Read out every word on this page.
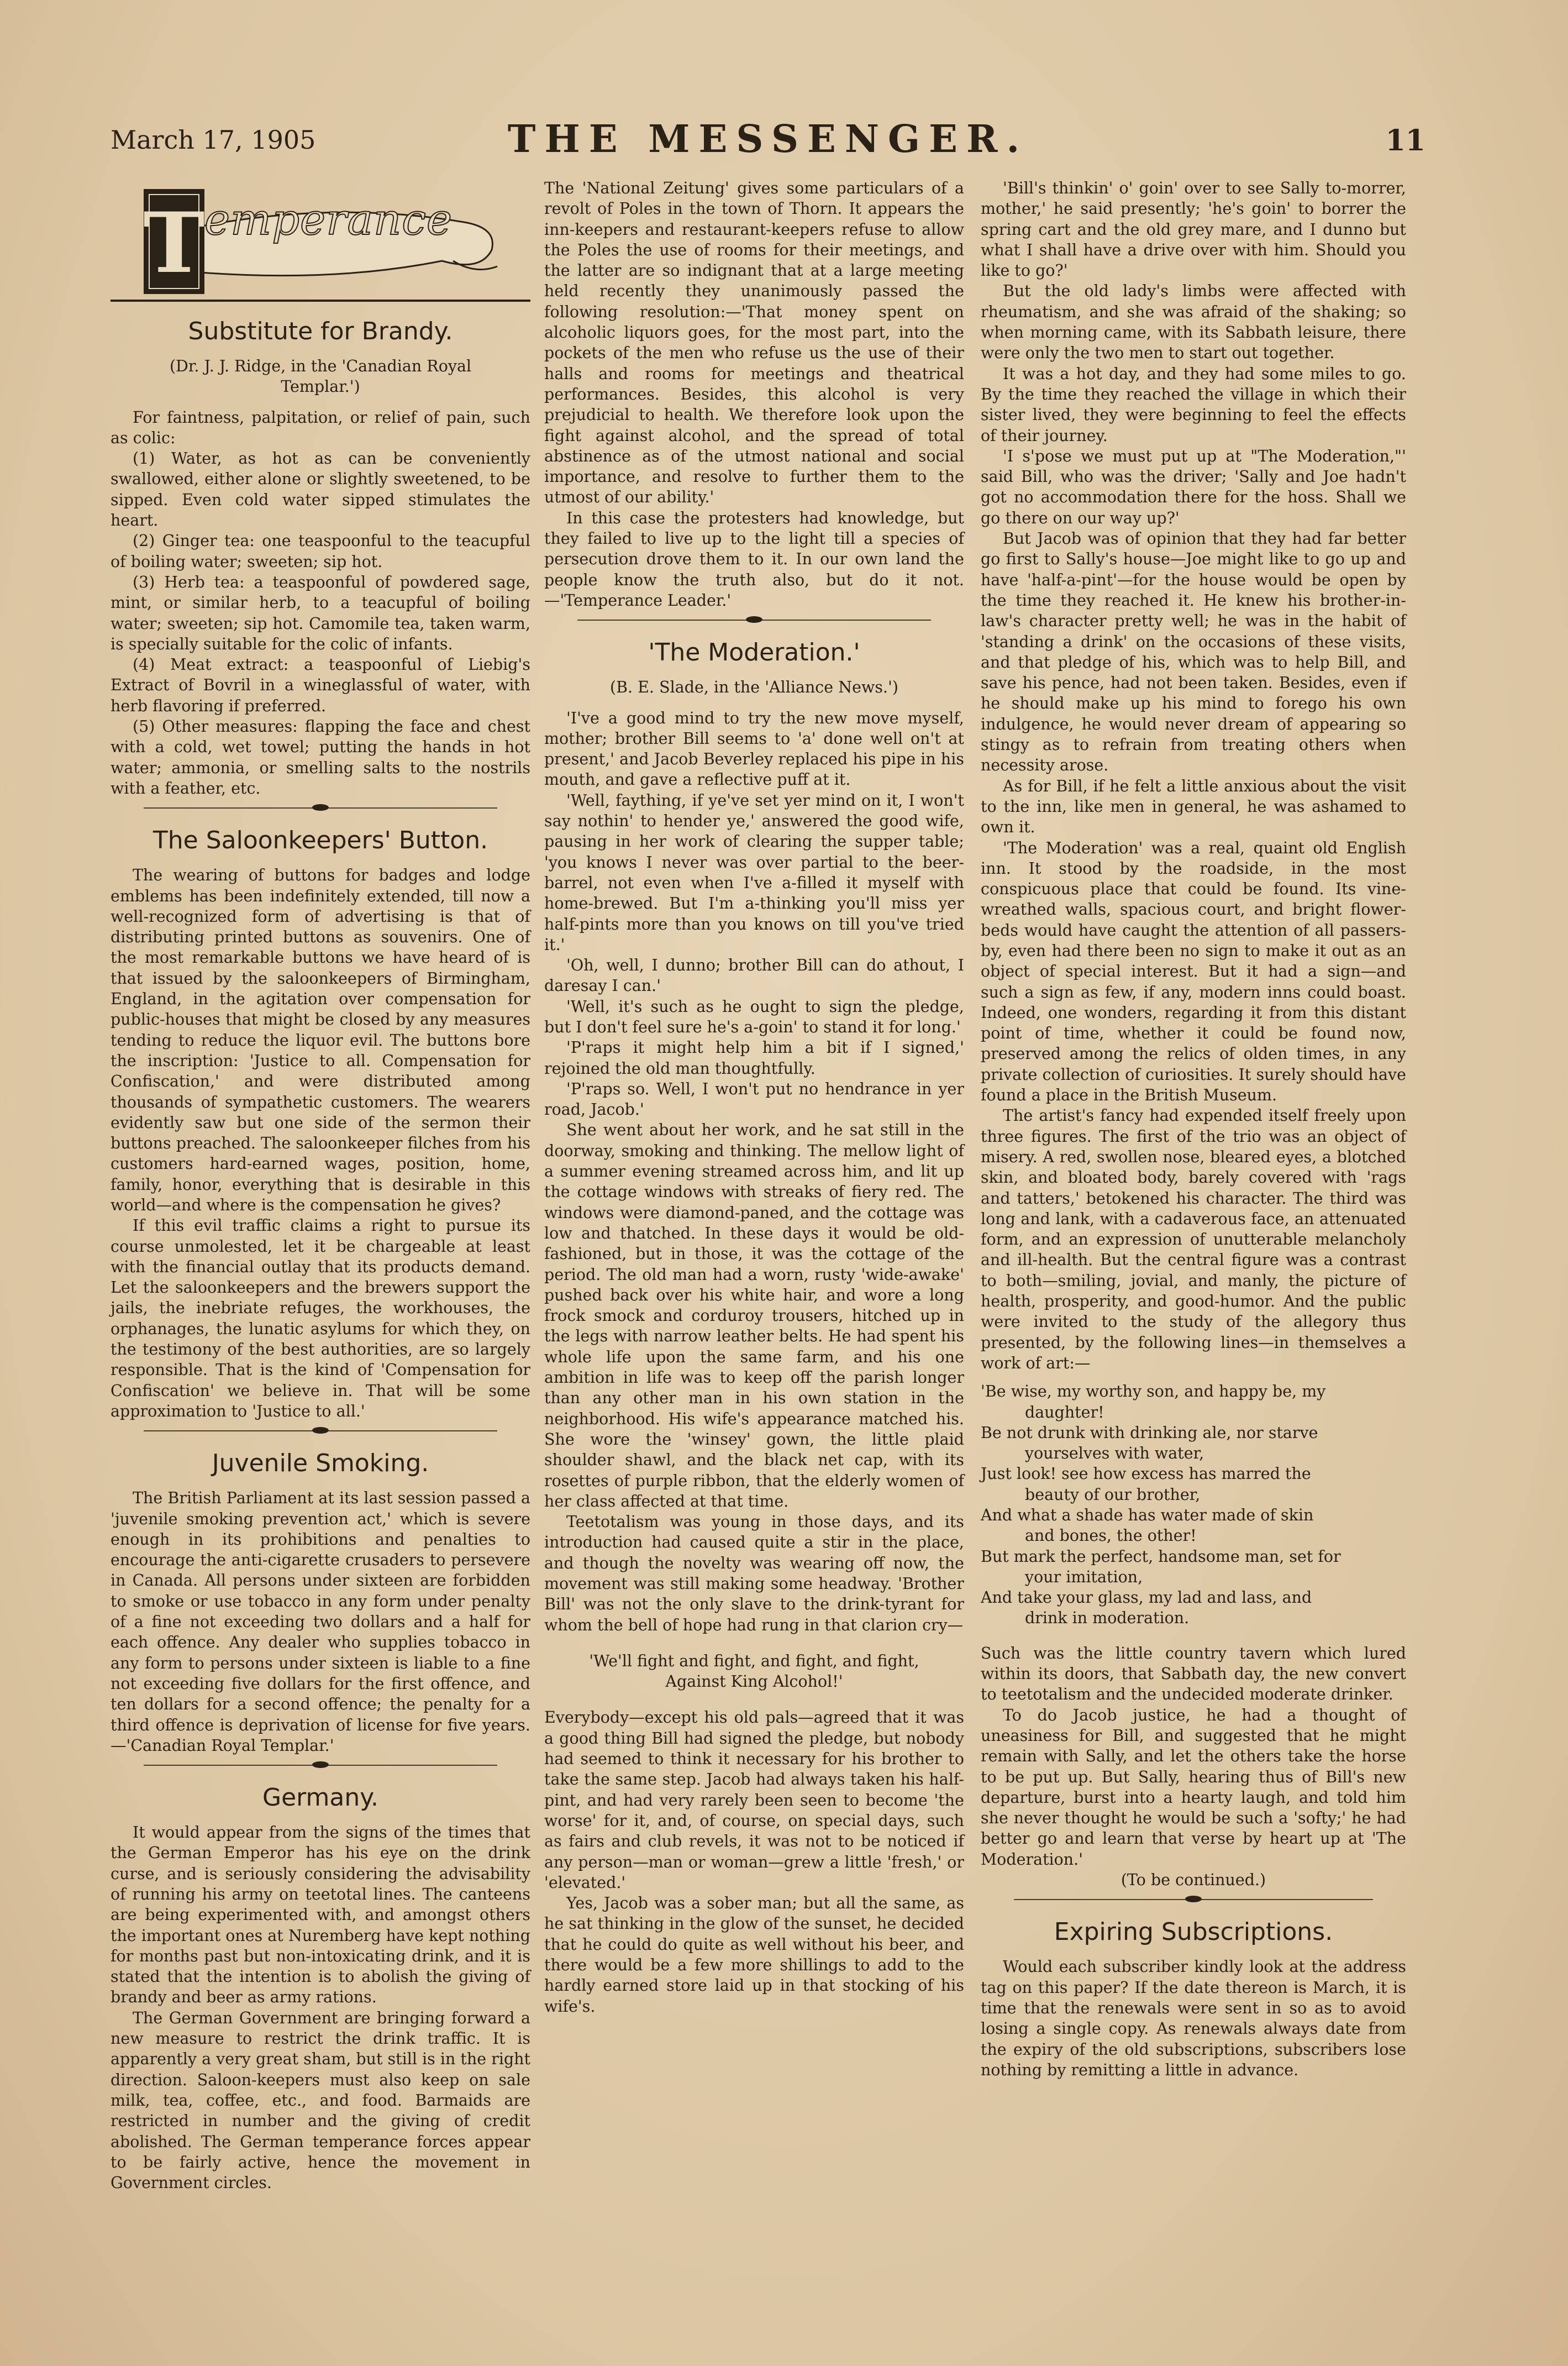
March 17, 1905	THE MESSENGER.	11
T emperance
Substitute for Brandy.

(Dr. J. J. Ridge, in the 'Canadian Royal

Templar.')

For faintness, palpitation, or relief of pain, such as colic:

(1) Water, as hot as can be conveniently swallowed, either alone or slightly sweetened, to be sipped. Even cold water sipped stimulates the heart.

(2) Ginger tea: one teaspoonful to the teacupful of boiling water; sweeten; sip hot.

(3) Herb tea: a teaspoonful of powdered sage, mint, or similar herb, to a teacupful of boiling water; sweeten; sip hot. Camomile tea, taken warm, is specially suitable for the colic of infants.

(4) Meat extract: a teaspoonful of Liebig's Extract of Bovril in a wineglassful of water, with herb flavoring if preferred.

(5) Other measures: flapping the face and chest with a cold, wet towel; putting the hands in hot water; ammonia, or smelling salts to the nostrils with a feather, etc.

The Saloonkeepers' Button.

The wearing of buttons for badges and lodge emblems has been indefinitely extended, till now a well-recognized form of advertising is that of distributing printed buttons as souvenirs. One of the most remarkable buttons we have heard of is that issued by the saloonkeepers of Birmingham, England, in the agitation over compensation for public-houses that might be closed by any measures tending to reduce the liquor evil. The buttons bore the inscription: 'Justice to all. Compensation for Confiscation,' and were distributed among thousands of sympathetic customers. The wearers evidently saw but one side of the sermon their buttons preached. The saloonkeeper filches from his customers hard-earned wages, position, home, family, honor, everything that is desirable in this world—and where is the compensation he gives?

If this evil traffic claims a right to pursue its course unmolested, let it be chargeable at least with the financial outlay that its products demand. Let the saloonkeepers and the brewers support the jails, the inebriate refuges, the workhouses, the orphanages, the lunatic asylums for which they, on the testimony of the best authorities, are so largely responsible. That is the kind of 'Compensation for Confiscation' we believe in. That will be some approximation to 'Justice to all.'

Juvenile Smoking.

The British Parliament at its last session passed a 'juvenile smoking prevention act,' which is severe enough in its prohibitions and penalties to encourage the anti-cigarette crusaders to persevere in Canada. All persons under sixteen are forbidden to smoke or use tobacco in any form under penalty of a fine not exceeding two dollars and a half for each offence. Any dealer who supplies tobacco in any form to persons under sixteen is liable to a fine not exceeding five dollars for the first offence, and ten dollars for a second offence; the penalty for a third offence is deprivation of license for five years.—'Canadian Royal Templar.'

Germany.

It would appear from the signs of the times that the German Emperor has his eye on the drink curse, and is seriously considering the advisability of running his army on teetotal lines. The canteens are being experimented with, and amongst others the important ones at Nuremberg have kept nothing for months past but non-intoxicating drink, and it is stated that the intention is to abolish the giving of brandy and beer as army rations.

The German Government are bringing forward a new measure to restrict the drink traffic. It is apparently a very great sham, but still is in the right direction. Saloon-keepers must also keep on sale milk, tea, coffee, etc., and food. Barmaids are restricted in number and the giving of credit abolished. The German temperance forces appear to be fairly active, hence the movement in Government circles.

The 'National Zeitung' gives some particulars of a revolt of Poles in the town of Thorn. It appears the inn-keepers and restaurant-keepers refuse to allow the Poles the use of rooms for their meetings, and the latter are so indignant that at a large meeting held recently they unanimously passed the following resolution:—'That money spent on alcoholic liquors goes, for the most part, into the pockets of the men who refuse us the use of their halls and rooms for meetings and theatrical performances. Besides, this alcohol is very prejudicial to health. We therefore look upon the fight against alcohol, and the spread of total abstinence as of the utmost national and social importance, and resolve to further them to the utmost of our ability.'

In this case the protesters had knowledge, but they failed to live up to the light till a species of persecution drove them to it. In our own land the people know the truth also, but do it not.—'Temperance Leader.'

'The Moderation.'

(B. E. Slade, in the 'Alliance News.')

'I've a good mind to try the new move myself, mother; brother Bill seems to 'a' done well on't at present,' and Jacob Beverley replaced his pipe in his mouth, and gave a reflective puff at it.

'Well, faything, if ye've set yer mind on it, I won't say nothin' to hender ye,' answered the good wife, pausing in her work of clearing the supper table; 'you knows I never was over partial to the beer-barrel, not even when I've a-filled it myself with home-brewed. But I'm a-thinking you'll miss yer half-pints more than you knows on till you've tried it.'

'Oh, well, I dunno; brother Bill can do athout, I daresay I can.'

'Well, it's such as he ought to sign the pledge, but I don't feel sure he's a-goin' to stand it for long.'

'P'raps it might help him a bit if I signed,' rejoined the old man thoughtfully.

'P'raps so. Well, I won't put no hendrance in yer road, Jacob.'

She went about her work, and he sat still in the doorway, smoking and thinking. The mellow light of a summer evening streamed across him, and lit up the cottage windows with streaks of fiery red. The windows were diamond-paned, and the cottage was low and thatched. In these days it would be old-fashioned, but in those, it was the cottage of the period. The old man had a worn, rusty 'wide-awake' pushed back over his white hair, and wore a long frock smock and corduroy trousers, hitched up in the legs with narrow leather belts. He had spent his whole life upon the same farm, and his one ambition in life was to keep off the parish longer than any other man in his own station in the neighborhood. His wife's appearance matched his. She wore the 'winsey' gown, the little plaid shoulder shawl, and the black net cap, with its rosettes of purple ribbon, that the elderly women of her class affected at that time.

Teetotalism was young in those days, and its introduction had caused quite a stir in the place, and though the novelty was wearing off now, the movement was still making some headway. 'Brother Bill' was not the only slave to the drink-tyrant for whom the bell of hope had rung in that clarion cry—

'We'll fight and fight, and fight, and fight,

Against King Alcohol!'

Everybody—except his old pals—agreed that it was a good thing Bill had signed the pledge, but nobody had seemed to think it necessary for his brother to take the same step. Jacob had always taken his half-pint, and had very rarely been seen to become 'the worse' for it, and, of course, on special days, such as fairs and club revels, it was not to be noticed if any person—man or woman—grew a little 'fresh,' or 'elevated.'

Yes, Jacob was a sober man; but all the same, as he sat thinking in the glow of the sunset, he decided that he could do quite as well without his beer, and there would be a few more shillings to add to the hardly earned store laid up in that stocking of his wife's.

'Bill's thinkin' o' goin' over to see Sally to-morrer, mother,' he said presently; 'he's goin' to borrer the spring cart and the old grey mare, and I dunno but what I shall have a drive over with him. Should you like to go?'

But the old lady's limbs were affected with rheumatism, and she was afraid of the shaking; so when morning came, with its Sabbath leisure, there were only the two men to start out together.

It was a hot day, and they had some miles to go. By the time they reached the village in which their sister lived, they were beginning to feel the effects of their journey.

'I s'pose we must put up at "The Moderation,"' said Bill, who was the driver; 'Sally and Joe hadn't got no accommodation there for the hoss. Shall we go there on our way up?'

But Jacob was of opinion that they had far better go first to Sally's house—Joe might like to go up and have 'half-a-pint'—for the house would be open by the time they reached it. He knew his brother-in-law's character pretty well; he was in the habit of 'standing a drink' on the occasions of these visits, and that pledge of his, which was to help Bill, and save his pence, had not been taken. Besides, even if he should make up his mind to forego his own indulgence, he would never dream of appearing so stingy as to refrain from treating others when necessity arose.

As for Bill, if he felt a little anxious about the visit to the inn, like men in general, he was ashamed to own it.

'The Moderation' was a real, quaint old English inn. It stood by the roadside, in the most conspicuous place that could be found. Its vine-wreathed walls, spacious court, and bright flower-beds would have caught the attention of all passers-by, even had there been no sign to make it out as an object of special interest. But it had a sign—and such a sign as few, if any, modern inns could boast. Indeed, one wonders, regarding it from this distant point of time, whether it could be found now, preserved among the relics of olden times, in any private collection of curiosities. It surely should have found a place in the British Museum.

The artist's fancy had expended itself freely upon three figures. The first of the trio was an object of misery. A red, swollen nose, bleared eyes, a blotched skin, and bloated body, barely covered with 'rags and tatters,' betokened his character. The third was long and lank, with a cadaverous face, an attenuated form, and an expression of unutterable melancholy and ill-health. But the central figure was a contrast to both—smiling, jovial, and manly, the picture of health, prosperity, and good-humor. And the public were invited to the study of the allegory thus presented, by the following lines—in themselves a work of art:—

'Be wise, my worthy son, and happy be, my

daughter!

Be not drunk with drinking ale, nor starve

yourselves with water,

Just look! see how excess has marred the

beauty of our brother,

And what a shade has water made of skin

and bones, the other!

But mark the perfect, handsome man, set for

your imitation,

And take your glass, my lad and lass, and

drink in moderation.

Such was the little country tavern which lured within its doors, that Sabbath day, the new convert to teetotalism and the undecided moderate drinker.

To do Jacob justice, he had a thought of uneasiness for Bill, and suggested that he might remain with Sally, and let the others take the horse to be put up. But Sally, hearing thus of Bill's new departure, burst into a hearty laugh, and told him she never thought he would be such a 'softy;' he had better go and learn that verse by heart up at 'The Moderation.'

(To be continued.)

Expiring Subscriptions.

Would each subscriber kindly look at the address tag on this paper? If the date thereon is March, it is time that the renewals were sent in so as to avoid losing a single copy. As renewals always date from the expiry of the old subscriptions, subscribers lose nothing by remitting a little in advance.
